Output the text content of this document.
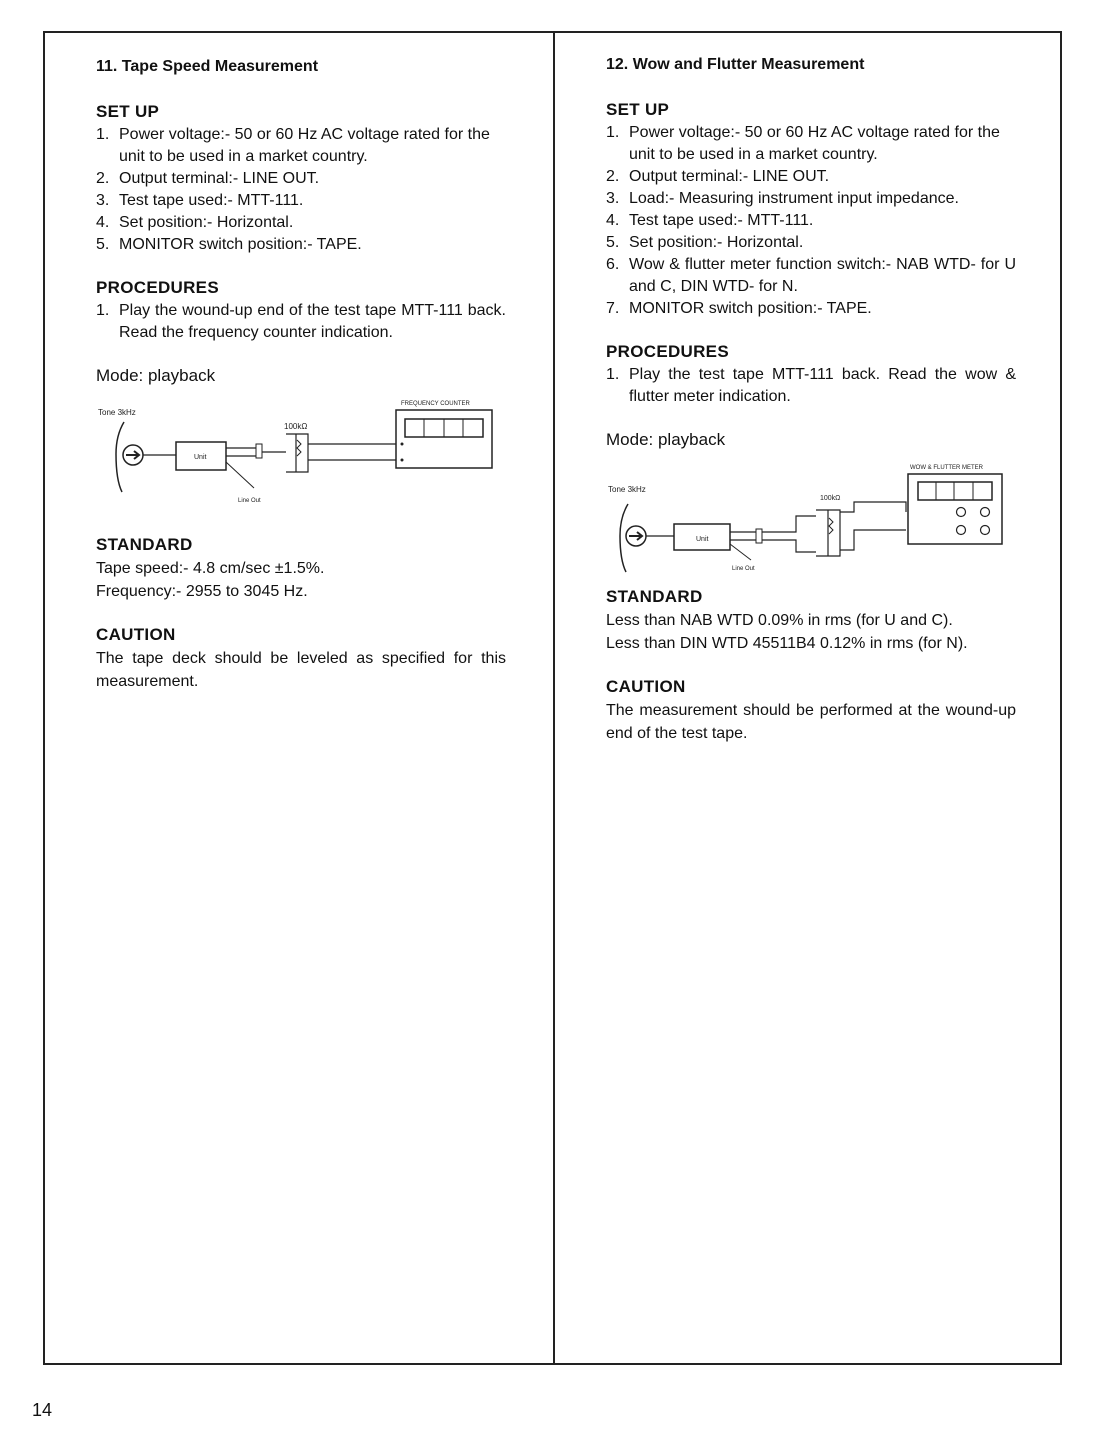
11. Tape Speed Measurement
SET UP
1. Power voltage:- 50 or 60 Hz AC voltage rated for the unit to be used in a market country.
2. Output terminal:- LINE OUT.
3. Test tape used:- MTT-111.
4. Set position:- Horizontal.
5. MONITOR switch position:- TAPE.
PROCEDURES
1. Play the wound-up end of the test tape MTT-111 back. Read the frequency counter indication.
Mode: playback
Tone 3kHz
Unit
100kΩ
Line Out
FREQUENCY COUNTER
STANDARD

Tape speed:- 4.8 cm/sec ±1.5%.

Frequency:- 2955 to 3045 Hz.

CAUTION

The tape deck should be leveled as specified for this measurement.

12. Wow and Flutter Measurement
SET UP
1. Power voltage:- 50 or 60 Hz AC voltage rated for the unit to be used in a market country.
2. Output terminal:- LINE OUT.
3. Load:- Measuring instrument input impedance.
4. Test tape used:- MTT-111.
5. Set position:- Horizontal.
6. Wow & flutter meter function switch:- NAB WTD- for U and C, DIN WTD- for N.
7. MONITOR switch position:- TAPE.
PROCEDURES
1. Play the test tape MTT-111 back. Read the wow & flutter meter indication.
Mode: playback
Tone 3kHz
Unit
100kΩ
Line Out
WOW & FLUTTER METER
STANDARD

Less than NAB WTD 0.09% in rms (for U and C).

Less than DIN WTD 45511B4 0.12% in rms (for N).

CAUTION

The measurement should be performed at the wound-up end of the test tape.

14
